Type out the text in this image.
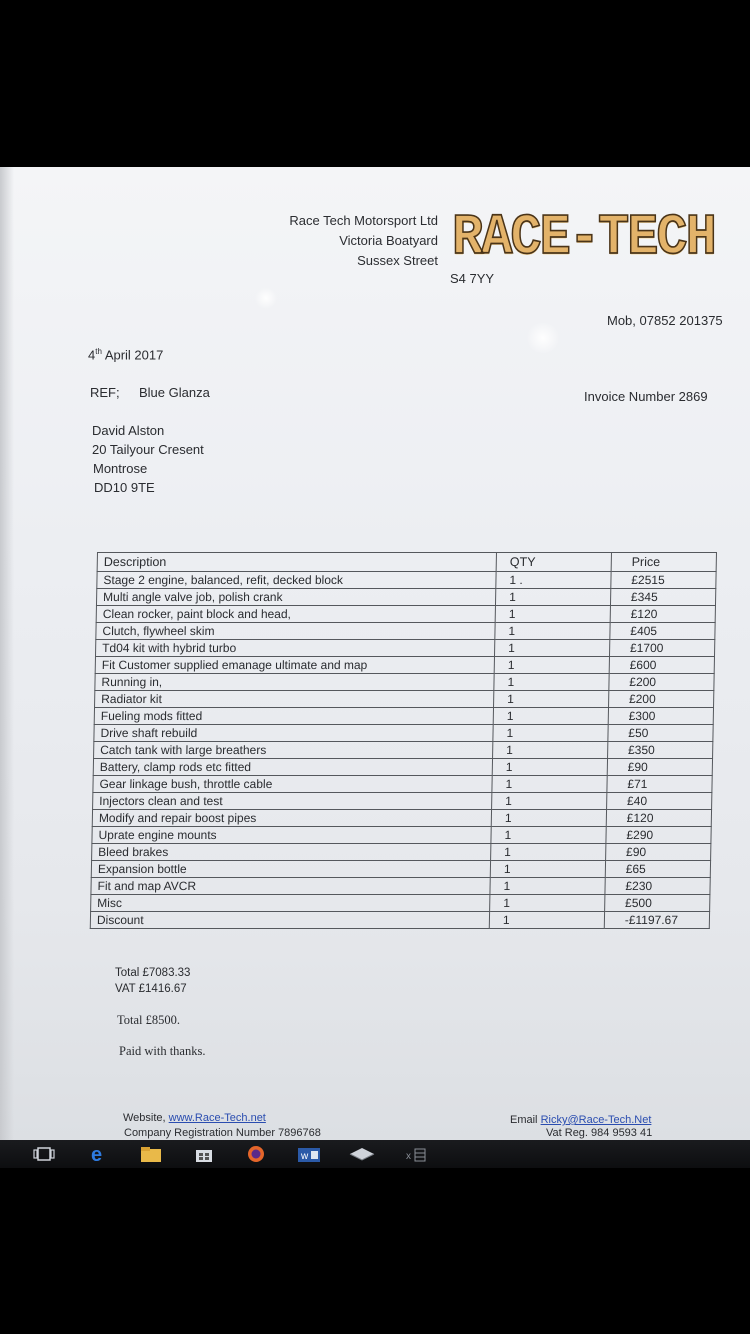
Race Tech Motorsport Ltd
Victoria Boatyard
Sussex Street RACE-TECH
S4 7YY
Mob, 07852 201375
4th April 2017
REF; Blue Glanza	Invoice Number 2869
David Alston
20 Tailyour Cresent
Montrose
DD10 9TE
Description	QTY	Price
Stage 2 engine, balanced, refit, decked block	1 .	£2515
Multi angle valve job, polish crank	1	£345
Clean rocker, paint block and head,	1	£120
Clutch, flywheel skim	1	£405
Td04 kit with hybrid turbo	1	£1700
Fit Customer supplied emanage ultimate and map	1	£600
Running in,	1	£200
Radiator kit	1	£200
Fueling mods fitted	1	£300
Drive shaft rebuild	1	£50
Catch tank with large breathers	1	£350
Battery, clamp rods etc fitted	1	£90
Gear linkage bush, throttle cable	1	£71
Injectors clean and test	1	£40
Modify and repair boost pipes	1	£120
Uprate engine mounts	1	£290
Bleed brakes	1	£90
Expansion bottle	1	£65
Fit and map AVCR	1	£230
Misc	1	£500
Discount	1	-£1197.67
Total £7083.33
VAT £1416.67
Total £8500.
Paid with thanks.
Website, www.Race-Tech.net
Company Registration Number 7896768
Email Ricky@Race-Tech.Net
Vat Reg. 984 9593 41
e	w	x
